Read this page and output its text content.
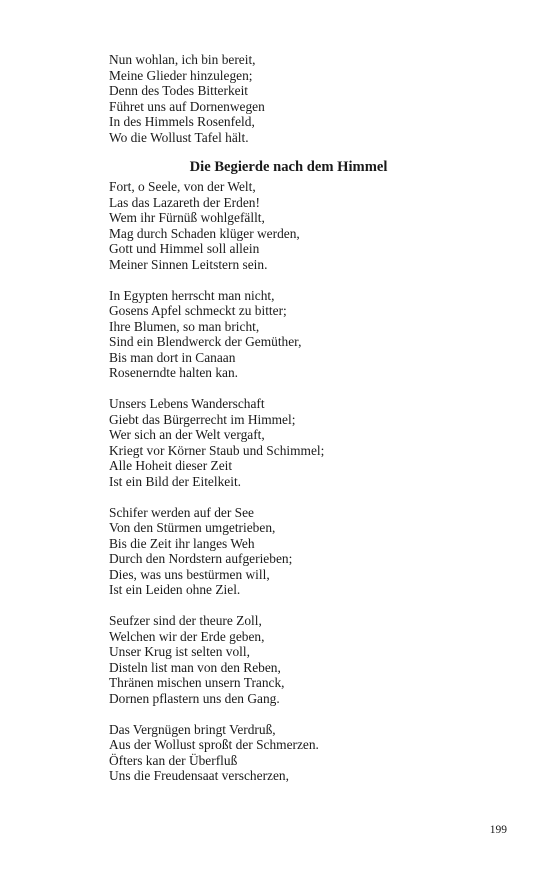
Nun wohlan, ich bin bereit,
Meine Glieder hinzulegen;
Denn des Todes Bitterkeit
Führet uns auf Dornenwegen
In des Himmels Rosenfeld,
Wo die Wollust Tafel hält.
Die Begierde nach dem Himmel
Fort, o Seele, von der Welt,
Las das Lazareth der Erden!
Wem ihr Fürnüß wohlgefällt,
Mag durch Schaden klüger werden,
Gott und Himmel soll allein
Meiner Sinnen Leitstern sein.
In Egypten herrscht man nicht,
Gosens Apfel schmeckt zu bitter;
Ihre Blumen, so man bricht,
Sind ein Blendwerck der Gemüther,
Bis man dort in Canaan
Rosenerndte halten kan.
Unsers Lebens Wanderschaft
Giebt das Bürgerrecht im Himmel;
Wer sich an der Welt vergaft,
Kriegt vor Körner Staub und Schimmel;
Alle Hoheit dieser Zeit
Ist ein Bild der Eitelkeit.
Schifer werden auf der See
Von den Stürmen umgetrieben,
Bis die Zeit ihr langes Weh
Durch den Nordstern aufgerieben;
Dies, was uns bestürmen will,
Ist ein Leiden ohne Ziel.
Seufzer sind der theure Zoll,
Welchen wir der Erde geben,
Unser Krug ist selten voll,
Disteln list man von den Reben,
Thränen mischen unsern Tranck,
Dornen pflastern uns den Gang.
Das Vergnügen bringt Verdruß,
Aus der Wollust sproßt der Schmerzen.
Öfters kan der Überfluß
Uns die Freudensaat verscherzen,
199
